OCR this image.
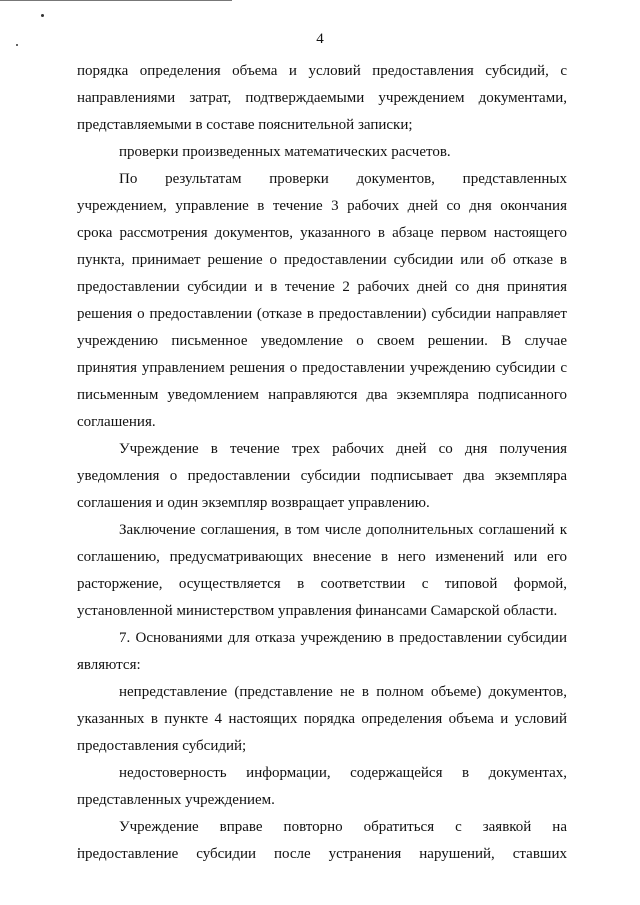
4
порядка определения объема и условий предоставления субсидий, с
направлениями затрат, подтверждаемыми учреждением документами,
представляемыми в составе пояснительной записки;
проверки произведенных математических расчетов.
По результатам проверки документов, представленных
учреждением, управление в течение 3 рабочих дней со дня окончания
срока рассмотрения документов, указанного в абзаце первом настоящего
пункта, принимает решение о предоставлении субсидии или об отказе в
предоставлении субсидии и в течение 2 рабочих дней со дня принятия
решения о предоставлении (отказе в предоставлении) субсидии направляет
учреждению письменное уведомление о своем решении. В случае
принятия управлением решения о предоставлении учреждению субсидии с
письменным уведомлением направляются два экземпляра подписанного
соглашения.
Учреждение в течение трех рабочих дней со дня получения
уведомления о предоставлении субсидии подписывает два экземпляра
соглашения и один экземпляр возвращает управлению.
Заключение соглашения, в том числе дополнительных соглашений к
соглашению, предусматривающих внесение в него изменений или его
расторжение, осуществляется в соответствии с типовой формой,
установленной министерством управления финансами Самарской области.
7. Основаниями для отказа учреждению в предоставлении субсидии
являются:
непредставление (представление не в полном объеме) документов,
указанных в пункте 4 настоящих порядка определения объема и условий
предоставления субсидий;
недостоверность информации, содержащейся в документах,
представленных учреждением.
Учреждение вправе повторно обратиться с заявкой на
предоставление субсидии после устранения нарушений, ставших
